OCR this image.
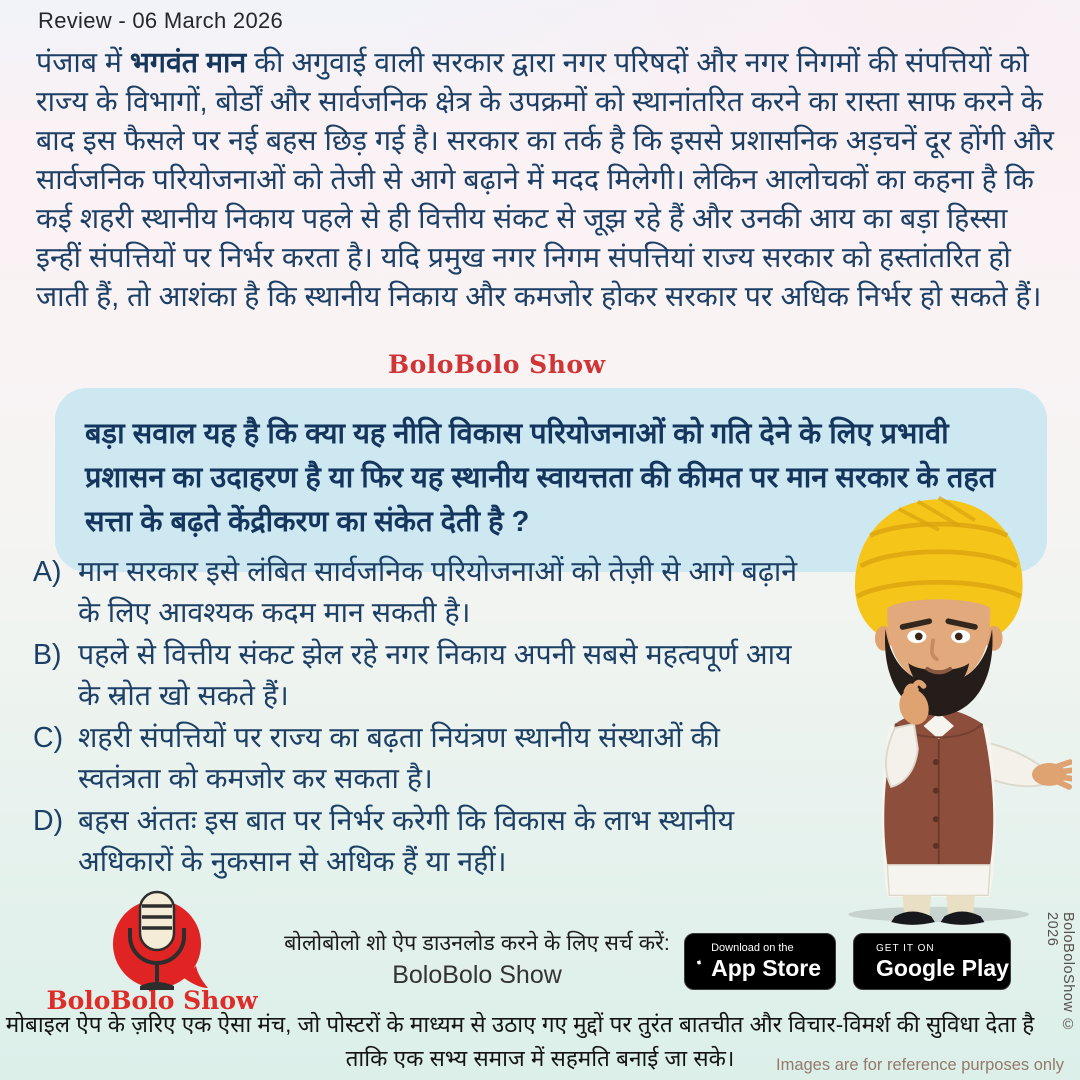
Review - 06 March 2026
पंजाब में भगवंत मान की अगुवाई वाली सरकार द्वारा नगर परिषदों और नगर निगमों की संपत्तियों को राज्य के विभागों, बोर्डों और सार्वजनिक क्षेत्र के उपक्रमों को स्थानांतरित करने का रास्ता साफ करने के बाद इस फैसले पर नई बहस छिड़ गई है। सरकार का तर्क है कि इससे प्रशासनिक अड़चनें दूर होंगी और सार्वजनिक परियोजनाओं को तेजी से आगे बढ़ाने में मदद मिलेगी। लेकिन आलोचकों का कहना है कि कई शहरी स्थानीय निकाय पहले से ही वित्तीय संकट से जूझ रहे हैं और उनकी आय का बड़ा हिस्सा इन्हीं संपत्तियों पर निर्भर करता है। यदि प्रमुख नगर निगम संपत्तियां राज्य सरकार को हस्तांतरित हो जाती हैं, तो आशंका है कि स्थानीय निकाय और कमजोर होकर सरकार पर अधिक निर्भर हो सकते हैं।
BoloBolo Show
बड़ा सवाल यह है कि क्या यह नीति विकास परियोजनाओं को गति देने के लिए प्रभावी प्रशासन का उदाहरण है या फिर यह स्थानीय स्वायत्तता की कीमत पर मान सरकार के तहत सत्ता के बढ़ते केंद्रीकरण का संकेत देती है ?
A) मान सरकार इसे लंबित सार्वजनिक परियोजनाओं को तेज़ी से आगे बढ़ाने के लिए आवश्यक कदम मान सकती है।
B) पहले से वित्तीय संकट झेल रहे नगर निकाय अपनी सबसे महत्वपूर्ण आय के स्रोत खो सकते हैं।
C) शहरी संपत्तियों पर राज्य का बढ़ता नियंत्रण स्थानीय संस्थाओं की स्वतंत्रता को कमजोर कर सकता है।
D) बहस अंततः इस बात पर निर्भर करेगी कि विकास के लाभ स्थानीय अधिकारों के नुकसान से अधिक हैं या नहीं।
BoloBolo Show
बोलोबोलो शो ऐप डाउनलोड करने के लिए सर्च करें:
BoloBolo Show
Download on the
App Store
GET IT ON
Google Play
मोबाइल ऐप के ज़रिए एक ऐसा मंच, जो पोस्टरों के माध्यम से उठाए गए मुद्दों पर तुरंत बातचीत और विचार-विमर्श की सुविधा देता है
ताकि एक सभ्य समाज में सहमति बनाई जा सके।	Images are for reference purposes only
BoloBoloShow © 2026
